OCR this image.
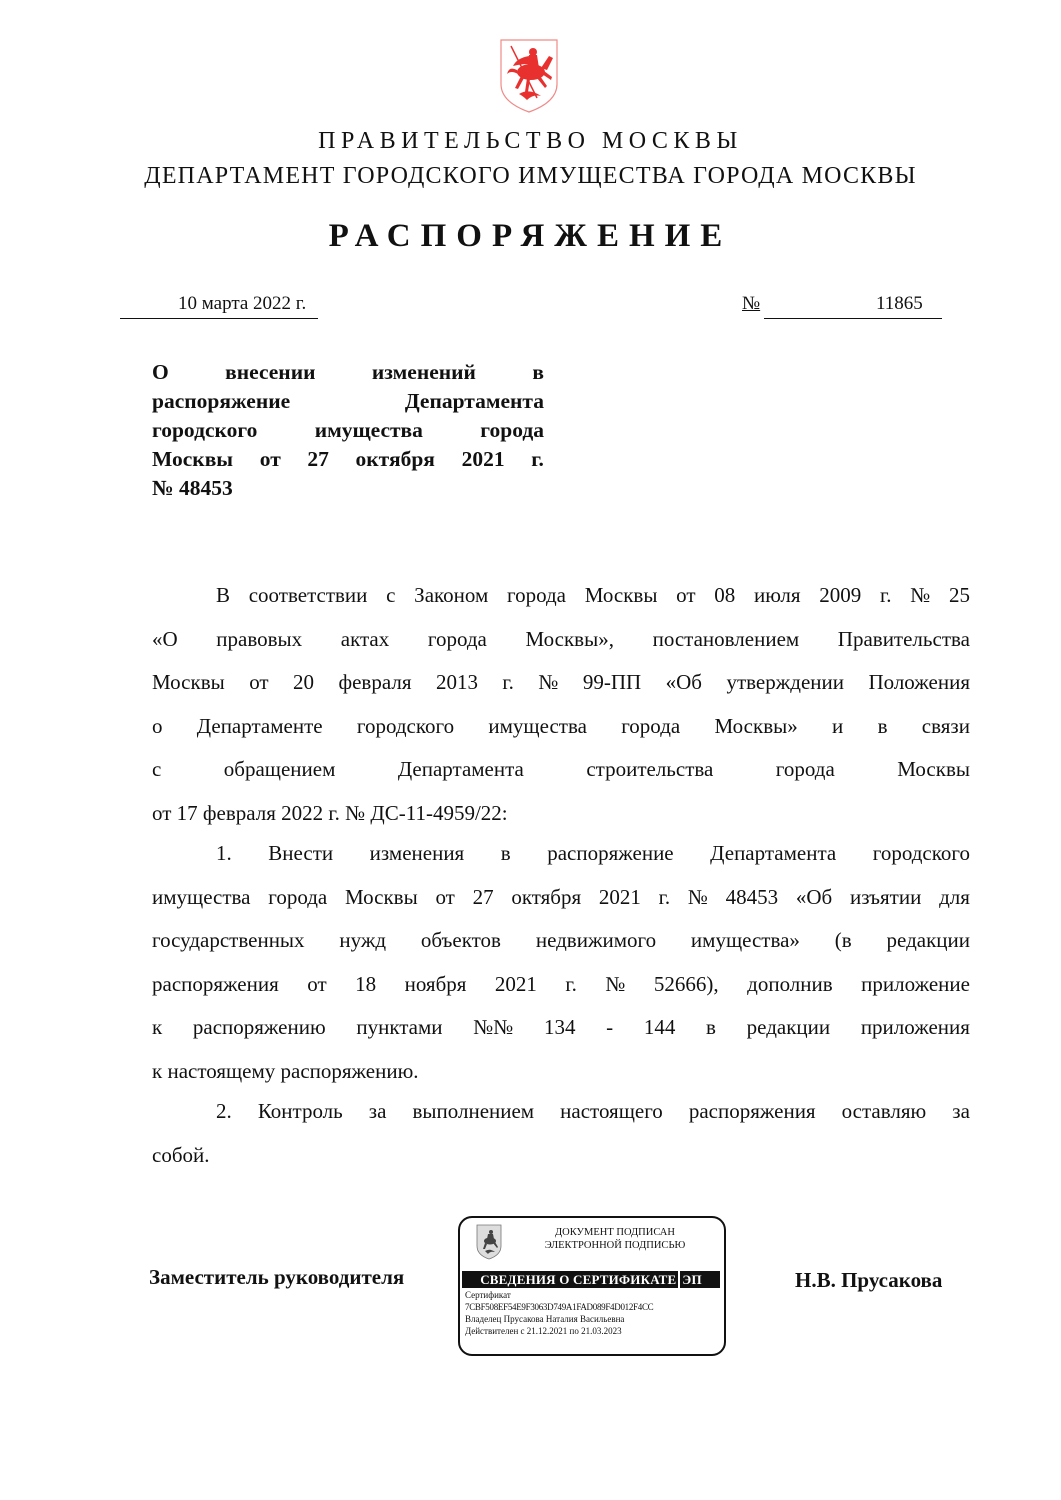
ПРАВИТЕЛЬСТВО МОСКВЫ
ДЕПАРТАМЕНТ ГОРОДСКОГО ИМУЩЕСТВА ГОРОДА МОСКВЫ
РАСПОРЯЖЕНИЕ
10 марта 2022 г.	№	11865
О	внесении	изменений	в
распоряжение	Департамента
городского	имущества	города
Москвы от 27 октября 2021 г.
№ 48453
В соответствии с Законом города Москвы от 08 июля 2009 г. № 25
«О правовых актах города Москвы», постановлением Правительства
Москвы от 20 февраля 2013 г. № 99-ПП «Об утверждении Положения
о Департаменте городского имущества города Москвы» и в связи
с	обращением	Департамента	строительства	города	Москвы
от 17 февраля 2022 г. № ДС-11-4959/22:
1. Внести изменения в распоряжение Департамента городского
имущества города Москвы от 27 октября 2021 г. № 48453 «Об изъятии для
государственных нужд объектов недвижимого имущества» (в редакции
распоряжения от 18 ноября 2021 г. № 52666), дополнив приложение
к распоряжению пунктами №№ 134 - 144 в редакции приложения
к настоящему распоряжению.
2. Контроль за выполнением настоящего распоряжения оставляю за
собой.
Заместитель руководителя	Н.В. Прусакова
ДОКУМЕНТ ПОДПИСАН
ЭЛЕКТРОННОЙ ПОДПИСЬЮ
СВЕДЕНИЯ О СЕРТИФИКАТЕ ЭП
Сертификат
7CBF508EF54E9F3063D749A1FAD089F4D012F4CC
Владелец Прусакова Наталия Васильевна
Действителен с 21.12.2021 по 21.03.2023
